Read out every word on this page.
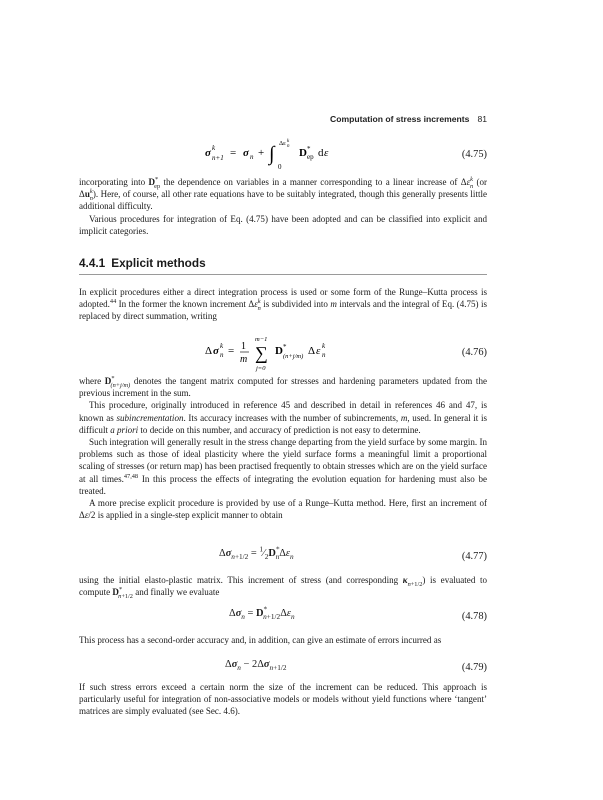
Computation of stress increments 81
σ k
n+1 = σ n + ∫
0
Δε k
n
D *
ep d ε	(4.75)

incorporating into $D^*_{ep}$ the dependence on variables in a manner corresponding to a linear increase of $\Delta\varepsilon^k_n$ (or $\Delta u^k_n$). Here, of course, all other rate equations have to be suitably integrated, though this generally presents little additional difficulty.

Various procedures for integration of Eq. (4.75) have been adopted and can be classified into explicit and implicit categories.

4.4.1 Explicit methods

In explicit procedures either a direct integration process is used or some form of the Runge–Kutta process is adopted.$^{44}$ In the former the known increment $\Delta\varepsilon^k_n$ is subdivided into m intervals and the integral of Eq. (4.75) is replaced by direct summation, writing

Δ σ k
n = 1
m ∑
m−1
j=0
D *
(n+j/m) Δ ε k
n	(4.76)

where $D^*_{(n+j/m)}$ denotes the tangent matrix computed for stresses and hardening parameters updated from the previous increment in the sum.

This procedure, originally introduced in reference 45 and described in detail in references 46 and 47, is known as subincrementation. Its accuracy increases with the number of subincrements, m, used. In general it is difficult a priori to decide on this number, and accuracy of prediction is not easy to determine.

Such integration will generally result in the stress change departing from the yield surface by some margin. In problems such as those of ideal plasticity where the yield surface forms a meaningful limit a proportional scaling of stresses (or return map) has been practised frequently to obtain stresses which are on the yield surface at all times.$^{47,48}$ In this process the effects of integrating the evolution equation for hardening must also be treated.

A more precise explicit procedure is provided by use of a Runge–Kutta method. Here, first an increment of Δε/2 is applied in a single-step explicit manner to obtain

$\Delta\sigma_{n+1/2}$ = $^1⁄_2D^*_n\Delta\varepsilon_n$	(4.77)

using the initial elasto-plastic matrix. This increment of stress (and corresponding $\kappa_{n+1/2}$) is evaluated to compute $D^*_{n+1/2}$ and finally we evaluate

$\Delta\sigma_n = D^*_{n+1/2}\Delta\varepsilon_n$	(4.78)

This process has a second-order accuracy and, in addition, can give an estimate of errors incurred as

$\Delta\sigma_n - 2\Delta\sigma_{n+1/2}$	(4.79)

If such stress errors exceed a certain norm the size of the increment can be reduced. This approach is particularly useful for integration of non-associative models or models without yield functions where ‘tangent’ matrices are simply evaluated (see Sec. 4.6).
